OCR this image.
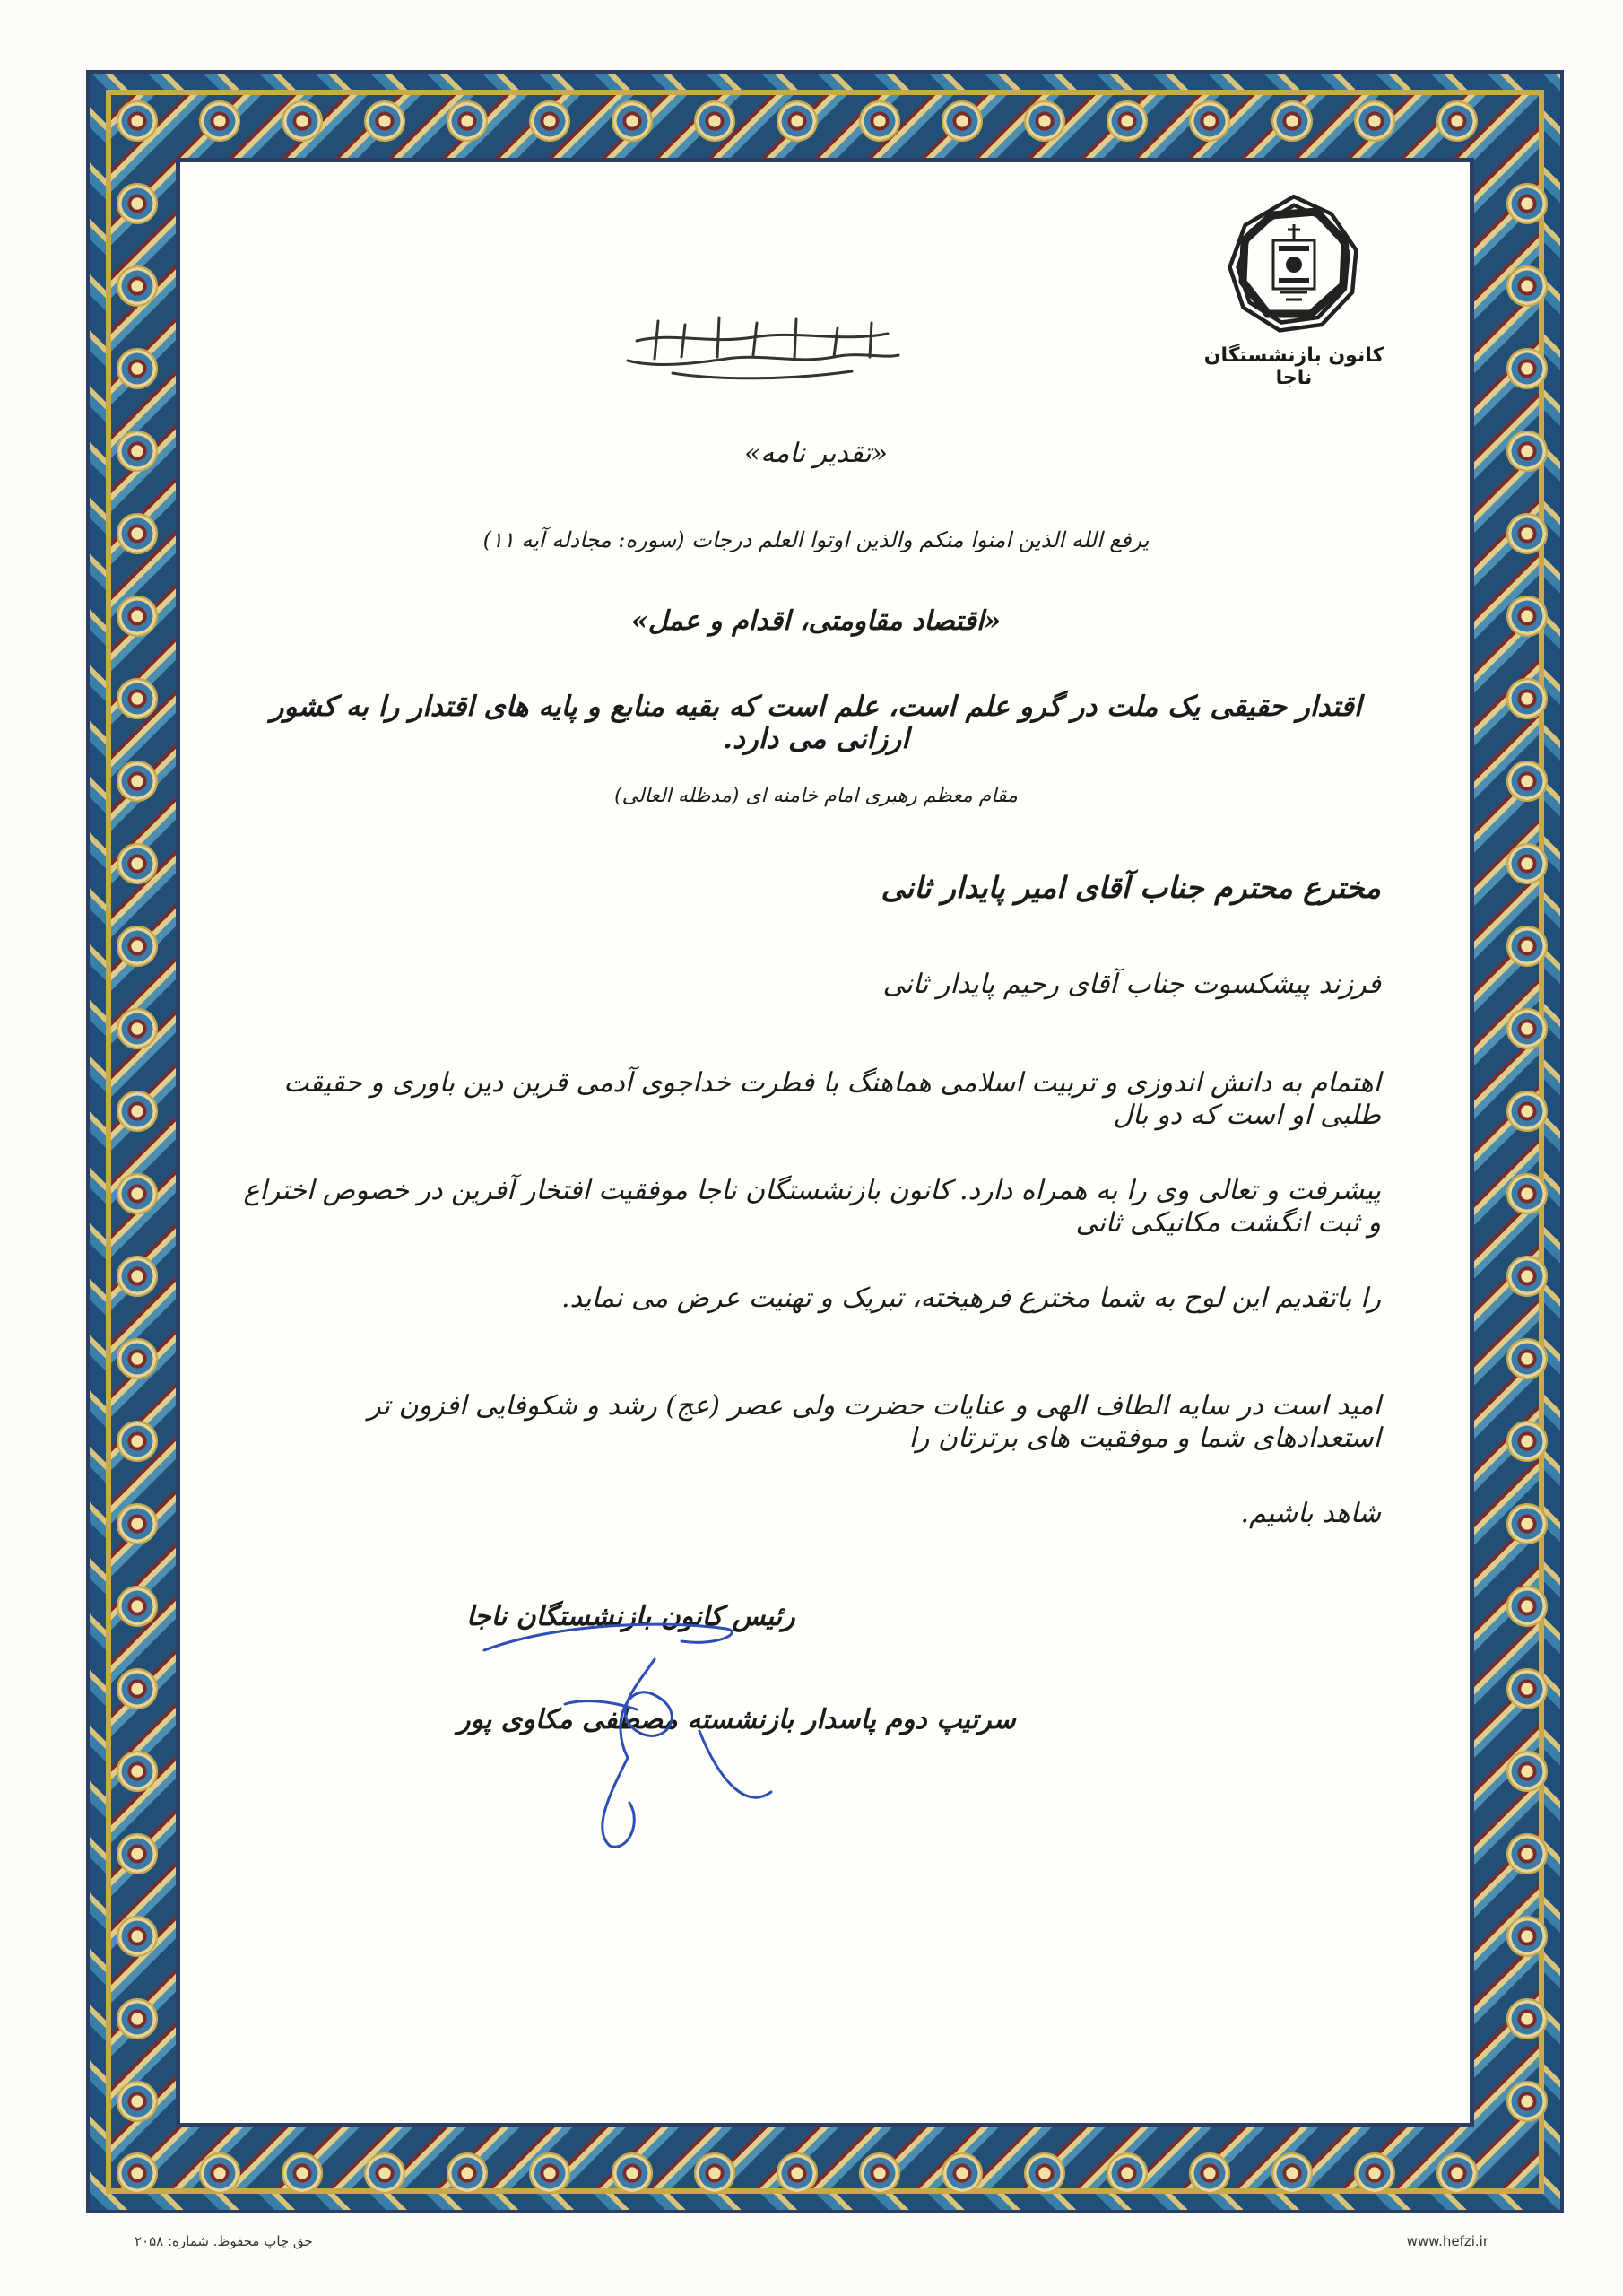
کانون بازنشستگان ناجا
بسم الله الرحمن الرحیم
«تقدیر نامه»
یرفع الله الذین امنوا منکم والذین اوتوا العلم درجات (سوره: مجادله آیه ۱۱)
«اقتصاد مقاومتی، اقدام و عمل»
اقتدار حقیقی یک ملت در گرو علم است، علم است که بقیه منابع و پایه های اقتدار را به کشور ارزانی می دارد.
مقام معظم رهبری امام خامنه ای (مدظله العالی)
مخترع محترم جناب آقای امیر پایدار ثانی
فرزند پیشکسوت جناب آقای رحیم پایدار ثانی
اهتمام به دانش اندوزی و تربیت اسلامی هماهنگ با فطرت خداجوی آدمی قرین دین باوری و حقیقت طلبی او است که دو بال
پیشرفت و تعالی وی را به همراه دارد. کانون بازنشستگان ناجا موفقیت افتخار آفرین در خصوص اختراع و ثبت انگشت مکانیکی ثانی
را باتقدیم این لوح به شما مخترع فرهیخته، تبریک و تهنیت عرض می نماید.
امید است در سایه الطاف الهی و عنایات حضرت ولی عصر (عج) رشد و شکوفایی افزون تر استعدادهای شما و موفقیت های برترتان را
شاهد باشیم.
رئیس کانون بازنشستگان ناجا
سرتیپ دوم پاسدار بازنشسته مصطفی مکاوی پور
حق چاپ محفوظ. شماره: ۲۰۵۸	www.hefzi.ir
